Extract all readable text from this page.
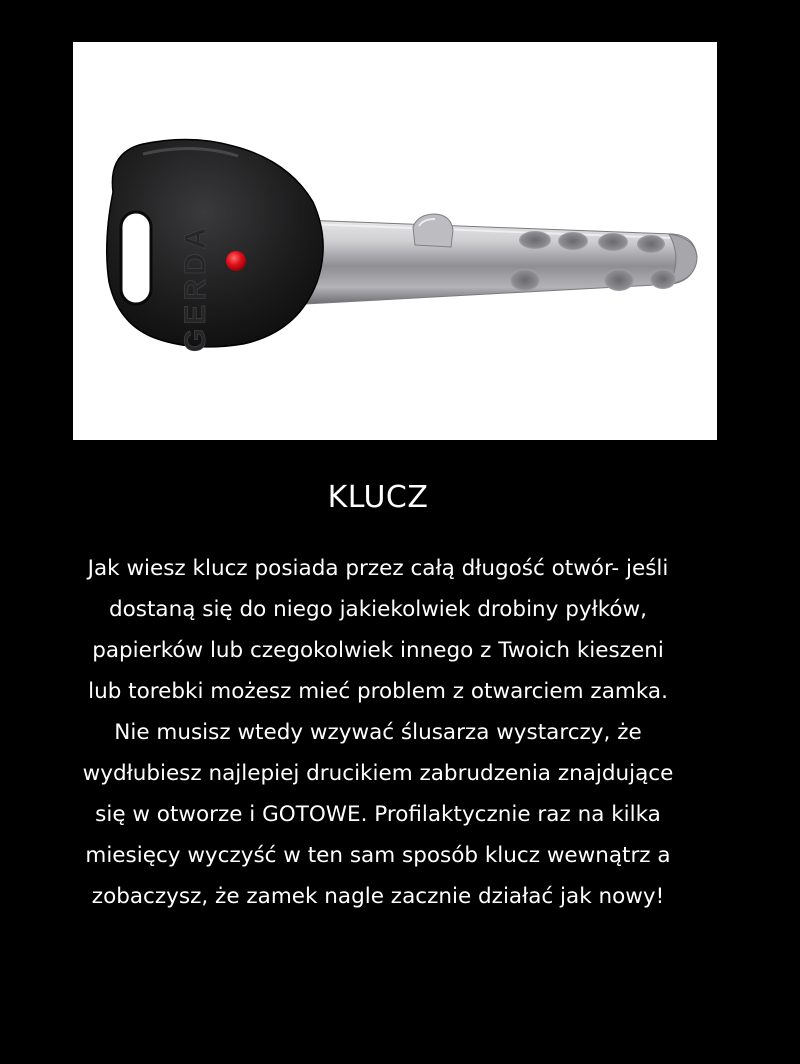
GERDA
KLUCZ

Jak wiesz klucz posiada przez całą długość otwór- jeśli
dostaną się do niego jakiekolwiek drobiny pyłków,
papierków lub czegokolwiek innego z Twoich kieszeni
lub torebki możesz mieć problem z otwarciem zamka.
Nie musisz wtedy wzywać ślusarza wystarczy, że
wydłubiesz najlepiej drucikiem zabrudzenia znajdujące
się w otworze i GOTOWE. Profilaktycznie raz na kilka
miesięcy wyczyść w ten sam sposób klucz wewnątrz a
zobaczysz, że zamek nagle zacznie działać jak nowy!
